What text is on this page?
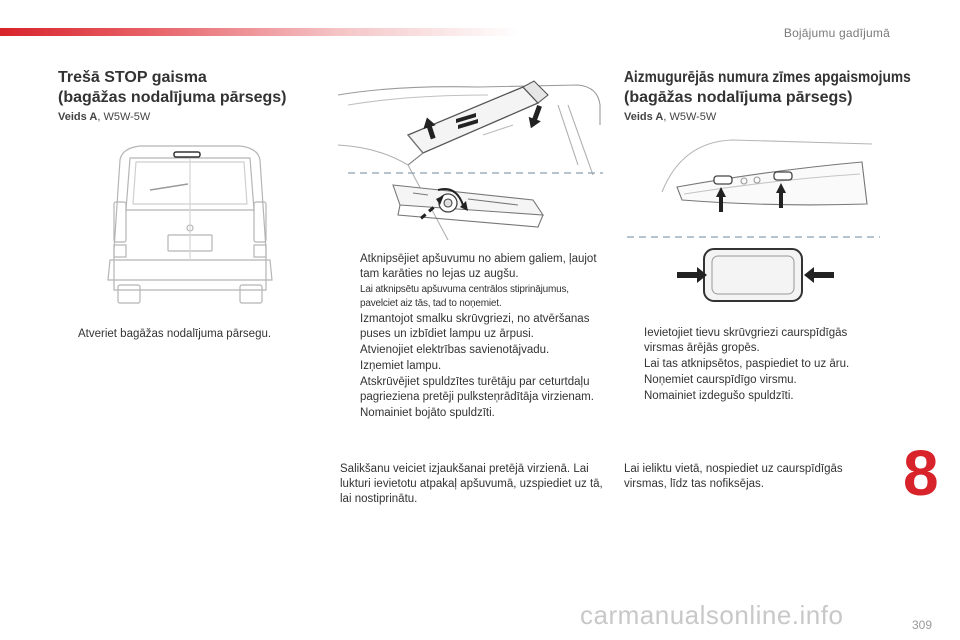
Bojājumu gadījumā
Trešā STOP gaisma
(bagāžas nodalījuma pārsegs)
Veids A, W5W-5W
Atveriet bagāžas nodalījuma pārsegu.
Atknipsējiet apšuvumu no abiem galiem, ļaujot tam karāties no lejas uz augšu.
Lai atknipsētu apšuvuma centrālos stiprinājumus, pavelciet aiz tās, tad to noņemiet.
Izmantojot smalku skrūvgriezi, no atvēršanas puses un izbīdiet lampu uz ārpusi.
Atvienojiet elektrības savienotājvadu.
Izņemiet lampu.
Atskrūvējiet spuldzītes turētāju par ceturtdaļu pagrieziena pretēji pulksteņrādītāja virzienam.
Nomainiet bojāto spuldzīti.
Salikšanu veiciet izjaukšanai pretējā virzienā. Lai lukturi ievietotu atpakaļ apšuvumā, uzspiediet uz tā, lai nostiprinātu.
Aizmugurējās numura zīmes apgaismojums
(bagāžas nodalījuma pārsegs)
Veids A, W5W-5W
Ievietojiet tievu skrūvgriezi caurspīdīgās virsmas ārējās gropēs.
Lai tas atknipsētos, paspiediet to uz āru.
Noņemiet caurspīdīgo virsmu.
Nomainiet izdegušo spuldzīti.
Lai ieliktu vietā, nospiediet uz caurspīdīgās virsmas, līdz tas nofiksējas.	8
carmanualsonline.info	309
